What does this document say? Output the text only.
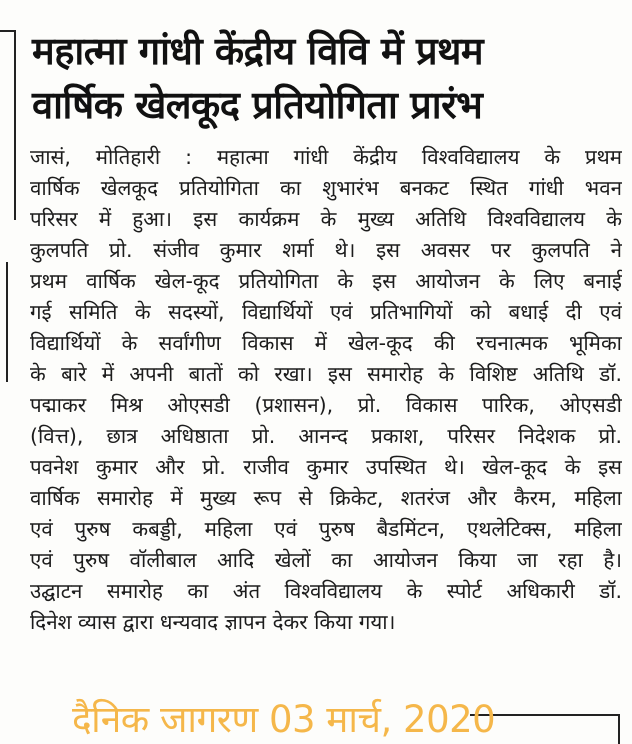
महात्मा गांधी केंद्रीय विवि में प्रथम
वार्षिक खेलकूद प्रतियोगिता प्रारंभ
जासं, मोतिहारी : महात्मा गांधी केंद्रीय विश्वविद्यालय के प्रथम
वार्षिक खेलकूद प्रतियोगिता का शुभारंभ बनकट स्थित गांधी भवन
परिसर में हुआ। इस कार्यक्रम के मुख्य अतिथि विश्वविद्यालय के
कुलपति प्रो. संजीव कुमार शर्मा थे। इस अवसर पर कुलपति ने
प्रथम वार्षिक खेल-कूद प्रतियोगिता के इस आयोजन के लिए बनाई
गई समिति के सदस्यों, विद्यार्थियों एवं प्रतिभागियों को बधाई दी एवं
विद्यार्थियों के सर्वांगीण विकास में खेल-कूद की रचनात्मक भूमिका
के बारे में अपनी बातों को रखा। इस समारोह के विशिष्ट अतिथि डॉ.
पद्माकर मिश्र ओएसडी (प्रशासन), प्रो. विकास पारिक, ओएसडी
(वित्त), छात्र अधिष्ठाता प्रो. आनन्द प्रकाश, परिसर निदेशक प्रो.
पवनेश कुमार और प्रो. राजीव कुमार उपस्थित थे। खेल-कूद के इस
वार्षिक समारोह में मुख्य रूप से क्रिकेट, शतरंज और कैरम, महिला
एवं पुरुष कबड्डी, महिला एवं पुरुष बैडमिंटन, एथलेटिक्स, महिला
एवं पुरुष वॉलीबाल आदि खेलों का आयोजन किया जा रहा है।
उद्घाटन समारोह का अंत विश्वविद्यालय के स्पोर्ट अधिकारी डॉ.
दिनेश व्यास द्वारा धन्यवाद ज्ञापन देकर किया गया।
दैनिक जागरण 03 मार्च, 2020
